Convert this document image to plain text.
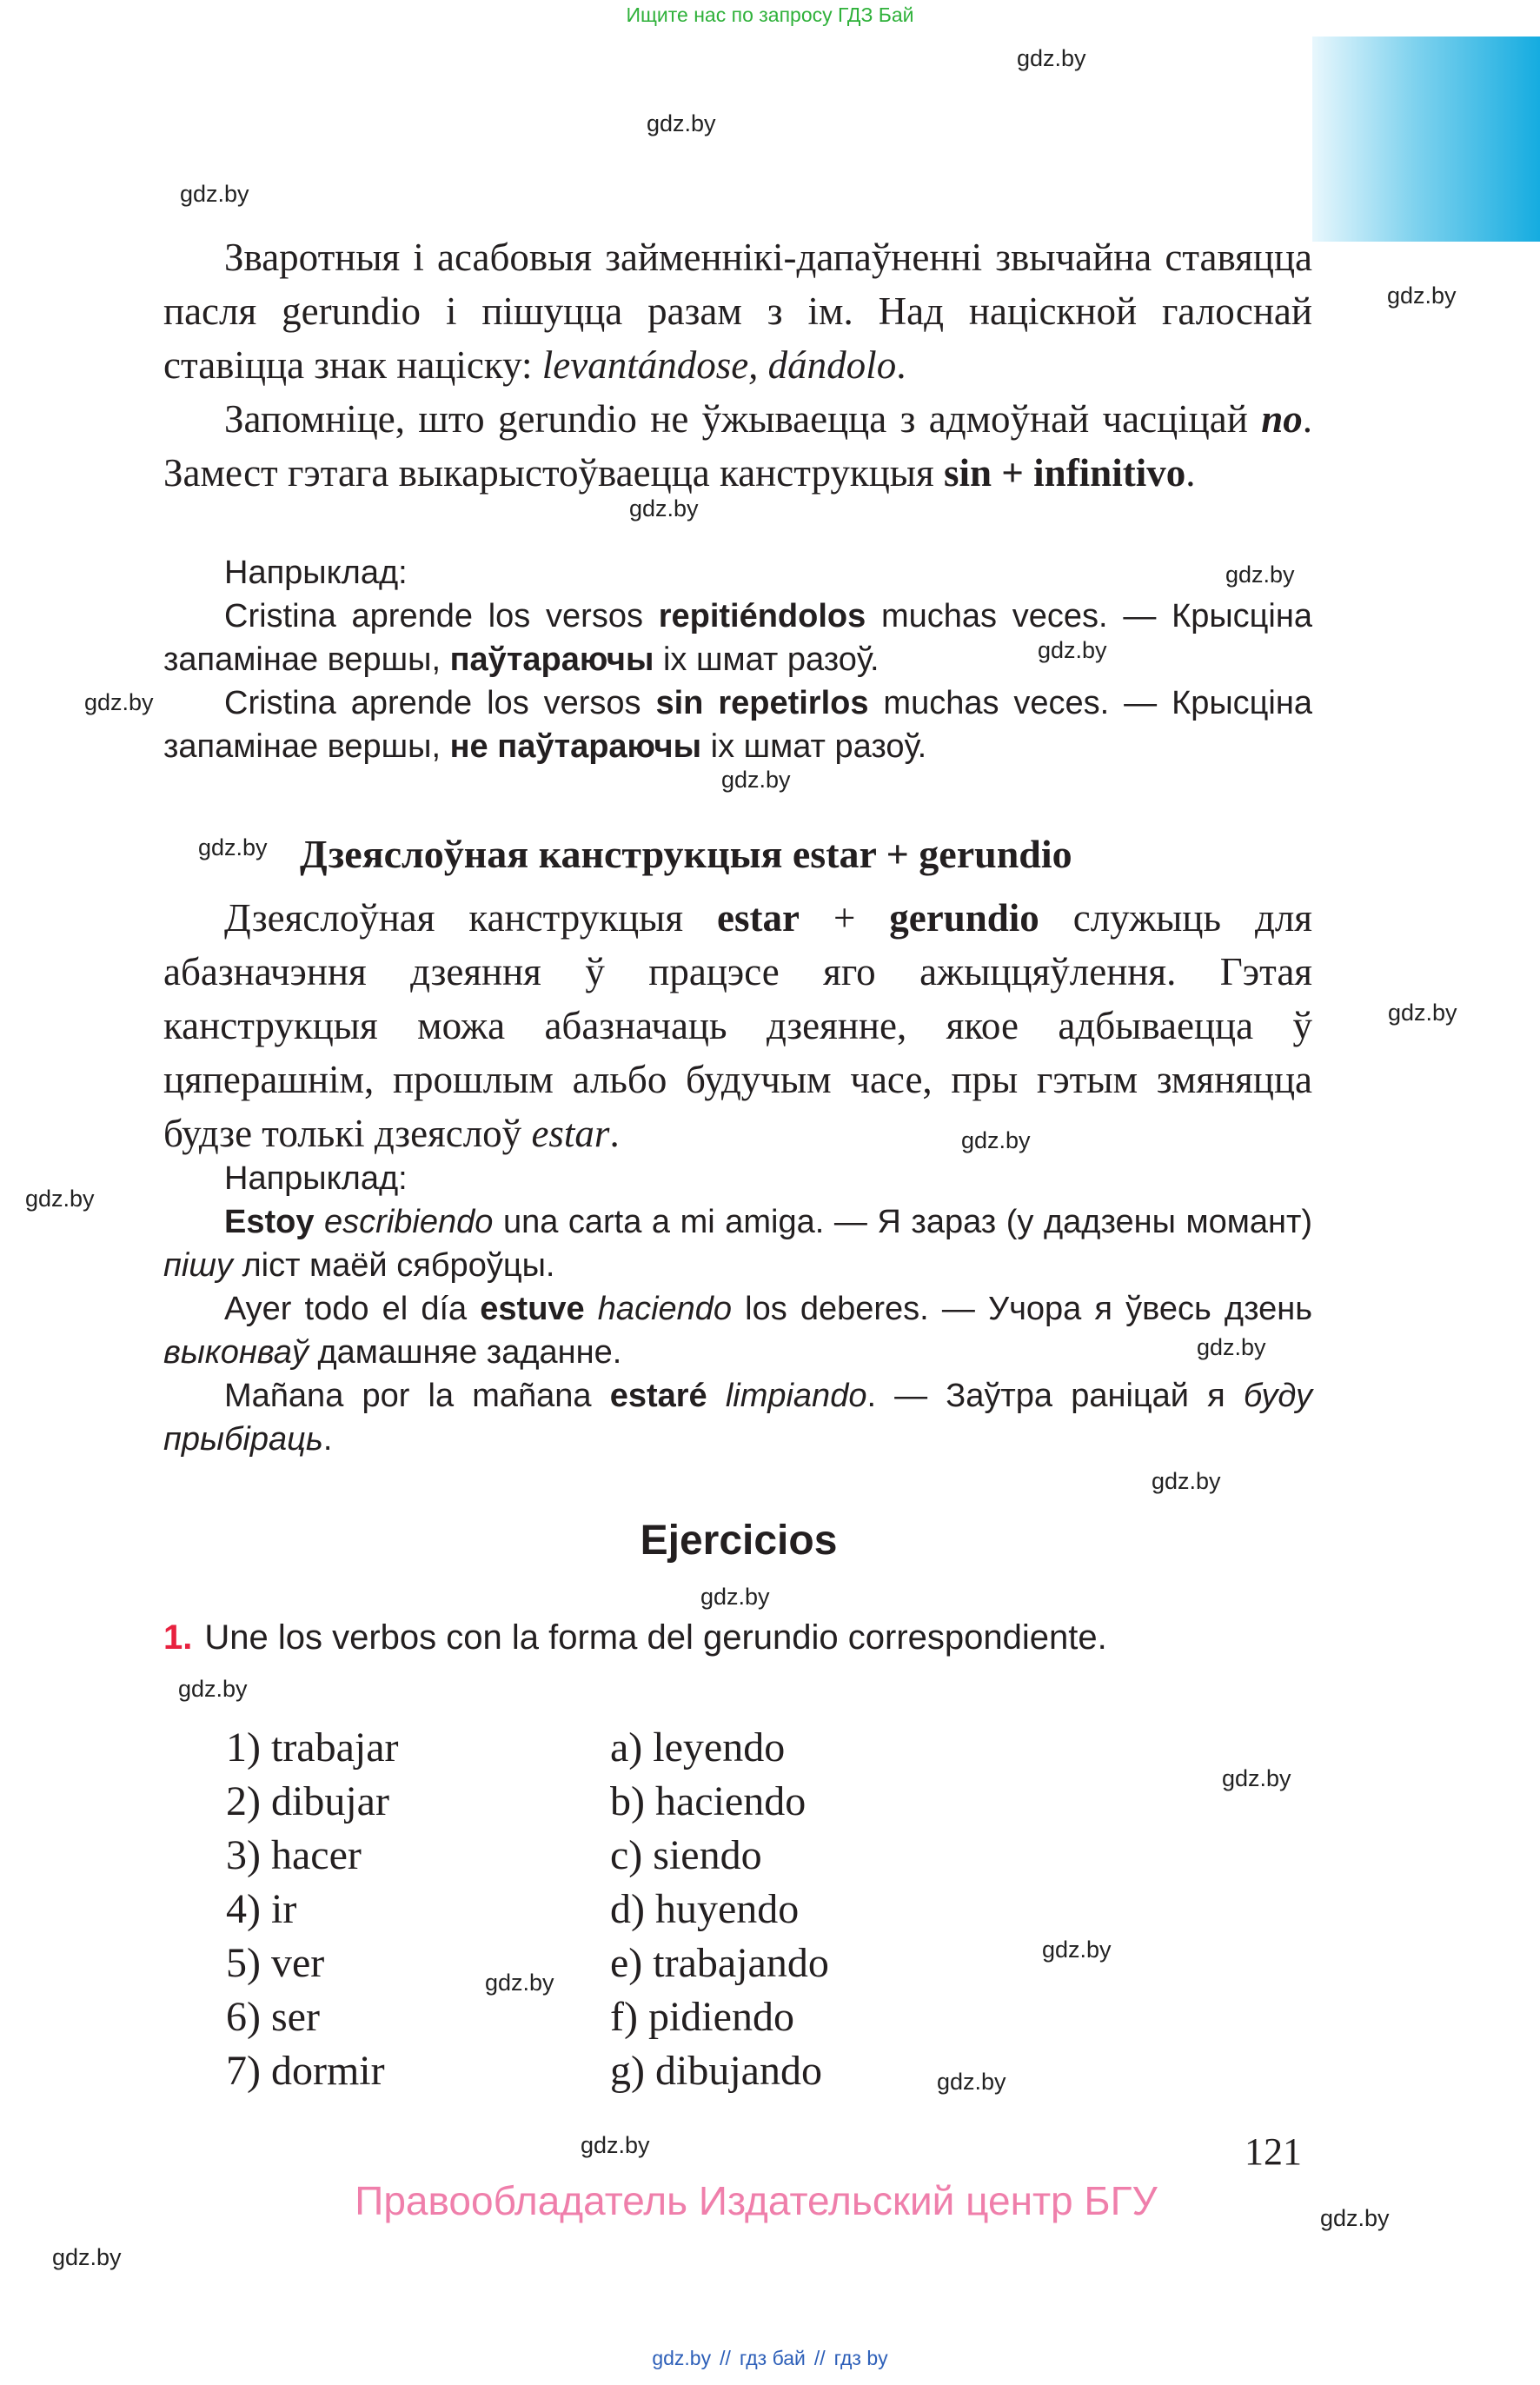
Ищите нас по запросу ГДЗ Бай
gdz.by
gdz.by
gdz.by
gdz.by
gdz.by
gdz.by
gdz.by
gdz.by
gdz.by
gdz.by
gdz.by
gdz.by
gdz.by
gdz.by
gdz.by
gdz.by
gdz.by
gdz.by
gdz.by
gdz.by
gdz.by
gdz.by
gdz.by
gdz.by

Зваротныя і асабовыя займеннікі-дапаўненні звычайна ставяцца пасля gerundio і пішуцца разам з ім. Над націскной галоснай ставіцца знак націску: levantándose, dándolo.

Запомніце, што gerundio не ўжываецца з адмоўнай часціцай no. Замест гэтага выкарыстоўваецца канструкцыя sin + infinitivo.

Напрыклад:

Cristina aprende los versos repitiéndolos muchas veces. — Крысціна запамінае вершы, паўтараючы іх шмат разоў.

Cristina aprende los versos sin repetirlos muchas veces. — Крысціна запамінае вершы, не паўтараючы іх шмат разоў.

Дзеяслоўная канструкцыя estar + gerundio

Дзеяслоўная канструкцыя estar + gerundio служыць для абазначэння дзеяння ў працэсе яго ажыццяўлення. Гэтая канструкцыя можа абазначаць дзеянне, якое адбываецца ў цяперашнім, прошлым альбо будучым часе, пры гэтым змяняцца будзе толькі дзеяслоў estar.

Напрыклад:

Estoy escribiendo una carta a mi amiga. — Я зараз (у дадзены момант) пішу ліст маёй сяброўцы.

Ayer todo el día estuve haciendo los deberes. — Учора я ўвесь дзень выконваў дамашняе заданне.

Mañana por la mañana estaré limpiando. — Заўтра раніцай я буду прыбіраць.

Ejercicios
1. Une los verbos con la forma del gerundio correspondiente.
1) trabajar
2) dibujar
3) hacer
4) ir
5) ver
6) ser
7) dormir
a) leyendo
b) haciendo
c) siendo
d) huyendo
e) trabajando
f) pidiendo
g) dibujando
121
Правообладатель Издательский центр БГУ
gdz.by // гдз бай // гдз by
